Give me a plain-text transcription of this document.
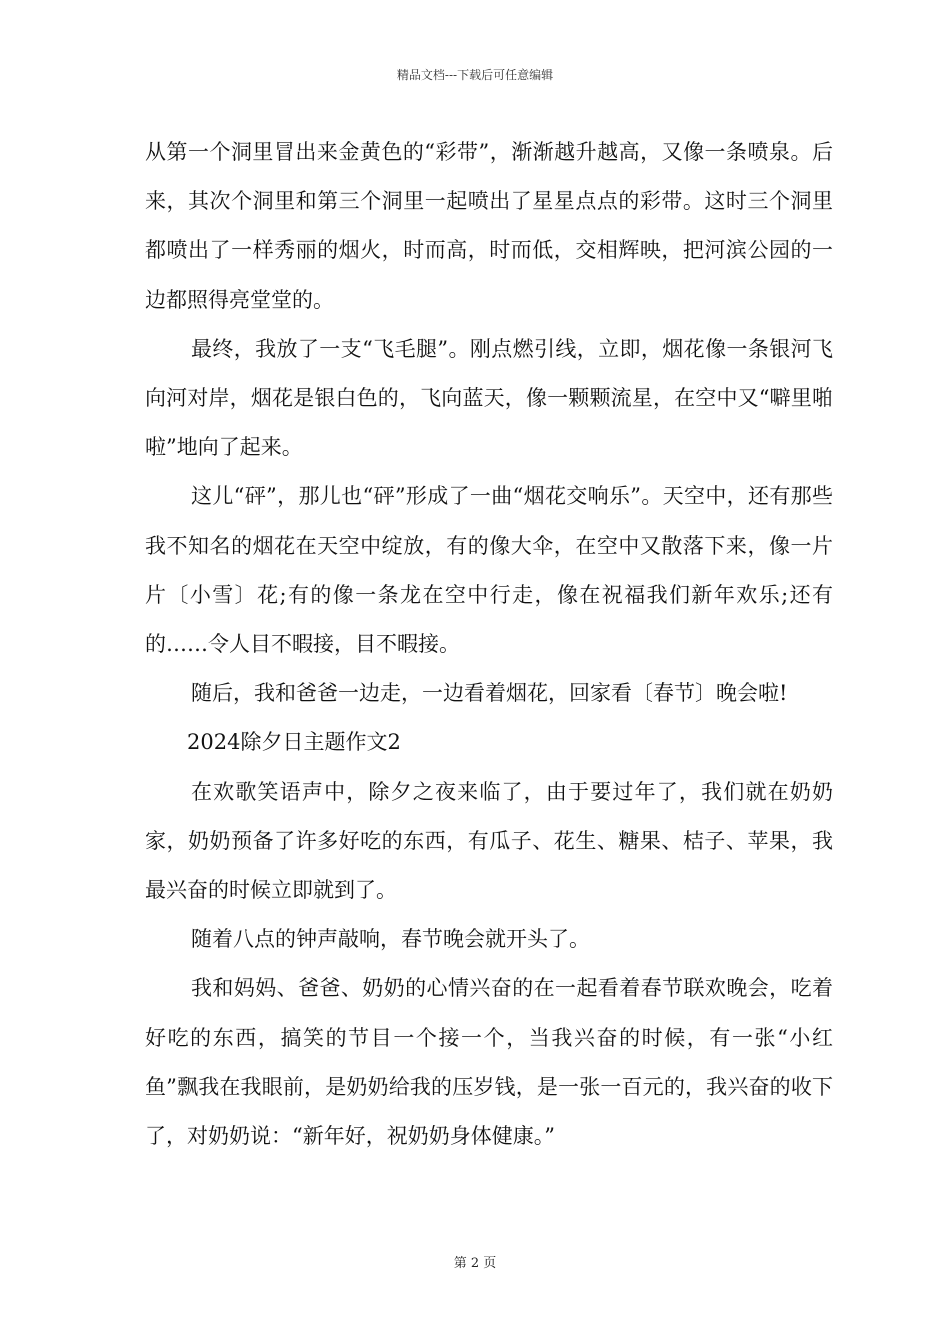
精品文档---下载后可任意编辑

从第一个洞里冒出来金黄色的“彩带”，渐渐越升越高，又像一条喷泉。后来，其次个洞里和第三个洞里一起喷出了星星点点的彩带。这时三个洞里都喷出了一样秀丽的烟火，时而高，时而低，交相辉映，把河滨公园的一边都照得亮堂堂的。

最终，我放了一支“飞毛腿”。刚点燃引线，立即，烟花像一条银河飞向河对岸，烟花是银白色的，飞向蓝天，像一颗颗流星，在空中又“噼里啪啦”地向了起来。

这儿“砰”，那儿也“砰”形成了一曲“烟花交响乐”。天空中，还有那些我不知名的烟花在天空中绽放，有的像大伞，在空中又散落下来，像一片片〔小雪〕花;有的像一条龙在空中行走，像在祝福我们新年欢乐;还有的……令人目不暇接，目不暇接。

随后，我和爸爸一边走，一边看着烟花，回家看〔春节〕晚会啦!

2024除夕日主题作文2

在欢歌笑语声中，除夕之夜来临了，由于要过年了，我们就在奶奶家，奶奶预备了许多好吃的东西，有瓜子、花生、糖果、桔子、苹果，我最兴奋的时候立即就到了。

随着八点的钟声敲响，春节晚会就开头了。

我和妈妈、爸爸、奶奶的心情兴奋的在一起看着春节联欢晚会，吃着好吃的东西，搞笑的节目一个接一个，当我兴奋的时候，有一张“小红鱼”飘我在我眼前，是奶奶给我的压岁钱，是一张一百元的，我兴奋的收下了，对奶奶说：“新年好，祝奶奶身体健康。”

第 2 页
